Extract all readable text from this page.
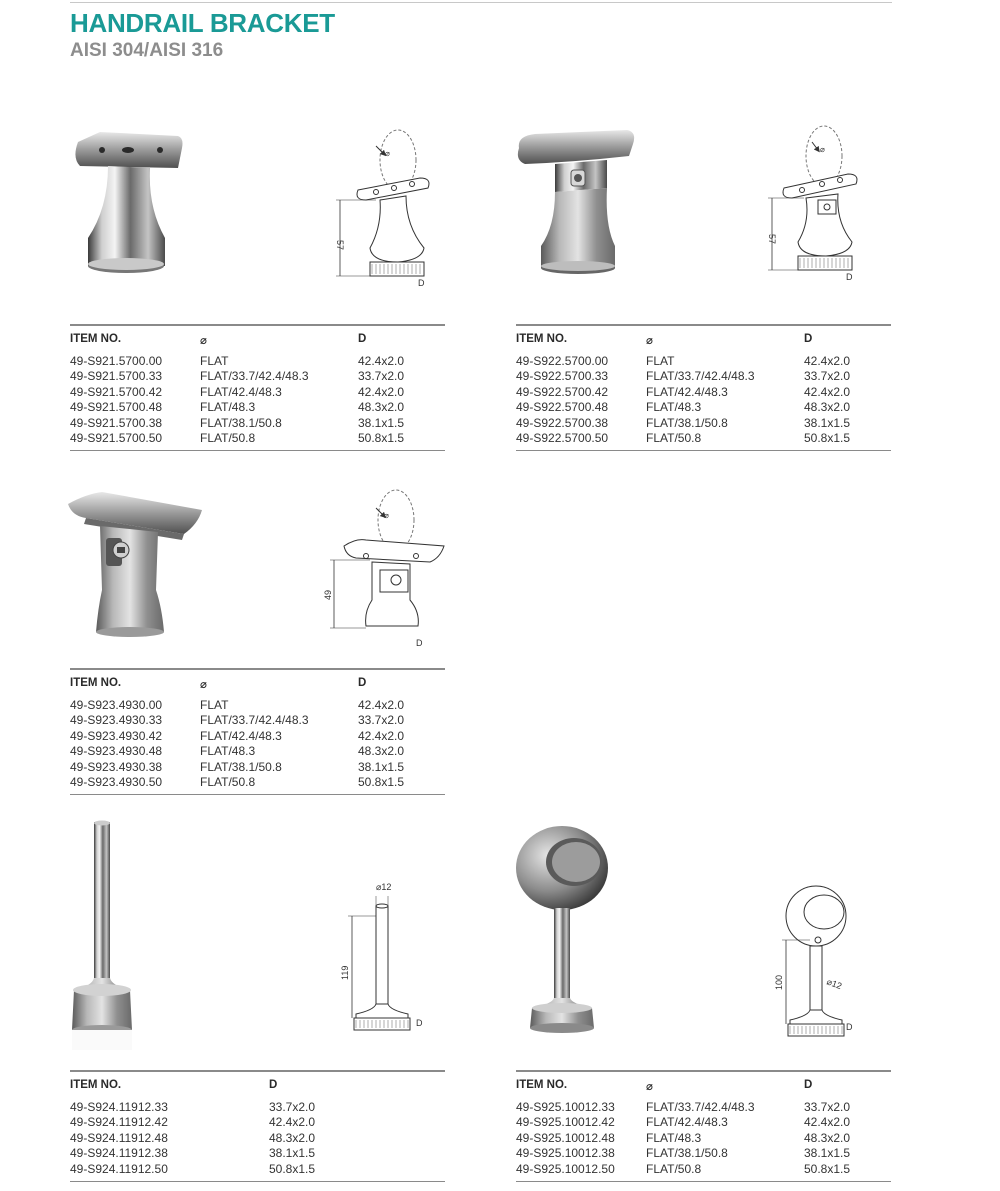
HANDRAIL BRACKET
AISI 304/AISI 316
⌀
57
D
ITEM NO.	⌀	D
49-S921.5700.00	FLAT	42.4x2.0
49-S921.5700.33	FLAT/33.7/42.4/48.3	33.7x2.0
49-S921.5700.42	FLAT/42.4/48.3	42.4x2.0
49-S921.5700.48	FLAT/48.3	48.3x2.0
49-S921.5700.38	FLAT/38.1/50.8	38.1x1.5
49-S921.5700.50	FLAT/50.8	50.8x1.5
⌀
57
D
ITEM NO.	⌀	D
49-S922.5700.00	FLAT	42.4x2.0
49-S922.5700.33	FLAT/33.7/42.4/48.3	33.7x2.0
49-S922.5700.42	FLAT/42.4/48.3	42.4x2.0
49-S922.5700.48	FLAT/48.3	48.3x2.0
49-S922.5700.38	FLAT/38.1/50.8	38.1x1.5
49-S922.5700.50	FLAT/50.8	50.8x1.5
⌀
49
D
ITEM NO.	⌀	D
49-S923.4930.00	FLAT	42.4x2.0
49-S923.4930.33	FLAT/33.7/42.4/48.3	33.7x2.0
49-S923.4930.42	FLAT/42.4/48.3	42.4x2.0
49-S923.4930.48	FLAT/48.3	48.3x2.0
49-S923.4930.38	FLAT/38.1/50.8	38.1x1.5
49-S923.4930.50	FLAT/50.8	50.8x1.5
⌀12
119
D
ITEM NO.	D
49-S924.11912.33	33.7x2.0
49-S924.11912.42	42.4x2.0
49-S924.11912.48	48.3x2.0
49-S924.11912.38	38.1x1.5
49-S924.11912.50	50.8x1.5
100	⌀12
D
ITEM NO.	⌀	D
49-S925.10012.33	FLAT/33.7/42.4/48.3	33.7x2.0
49-S925.10012.42	FLAT/42.4/48.3	42.4x2.0
49-S925.10012.48	FLAT/48.3	48.3x2.0
49-S925.10012.38	FLAT/38.1/50.8	38.1x1.5
49-S925.10012.50	FLAT/50.8	50.8x1.5
